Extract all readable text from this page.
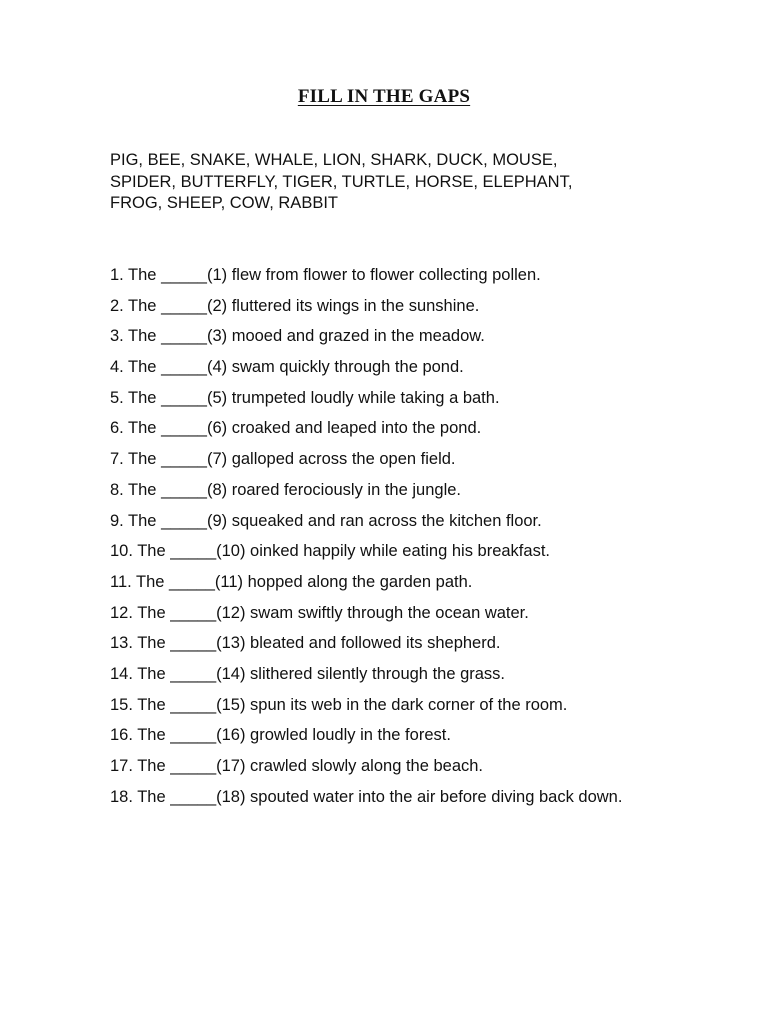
FILL IN THE GAPS
PIG, BEE, SNAKE, WHALE, LION, SHARK, DUCK, MOUSE,
SPIDER, BUTTERFLY, TIGER, TURTLE, HORSE, ELEPHANT,
FROG, SHEEP, COW, RABBIT
1. The _____(1) flew from flower to flower collecting pollen.
2. The _____(2) fluttered its wings in the sunshine.
3. The _____(3) mooed and grazed in the meadow.
4. The _____(4) swam quickly through the pond.
5. The _____(5) trumpeted loudly while taking a bath.
6. The _____(6) croaked and leaped into the pond.
7. The _____(7) galloped across the open field.
8. The _____(8) roared ferociously in the jungle.
9. The _____(9) squeaked and ran across the kitchen floor.
10. The _____(10) oinked happily while eating his breakfast.
11. The _____(11) hopped along the garden path.
12. The _____(12) swam swiftly through the ocean water.
13. The _____(13) bleated and followed its shepherd.
14. The _____(14) slithered silently through the grass.
15. The _____(15) spun its web in the dark corner of the room.
16. The _____(16) growled loudly in the forest.
17. The _____(17) crawled slowly along the beach.
18. The _____(18) spouted water into the air before diving back down.
